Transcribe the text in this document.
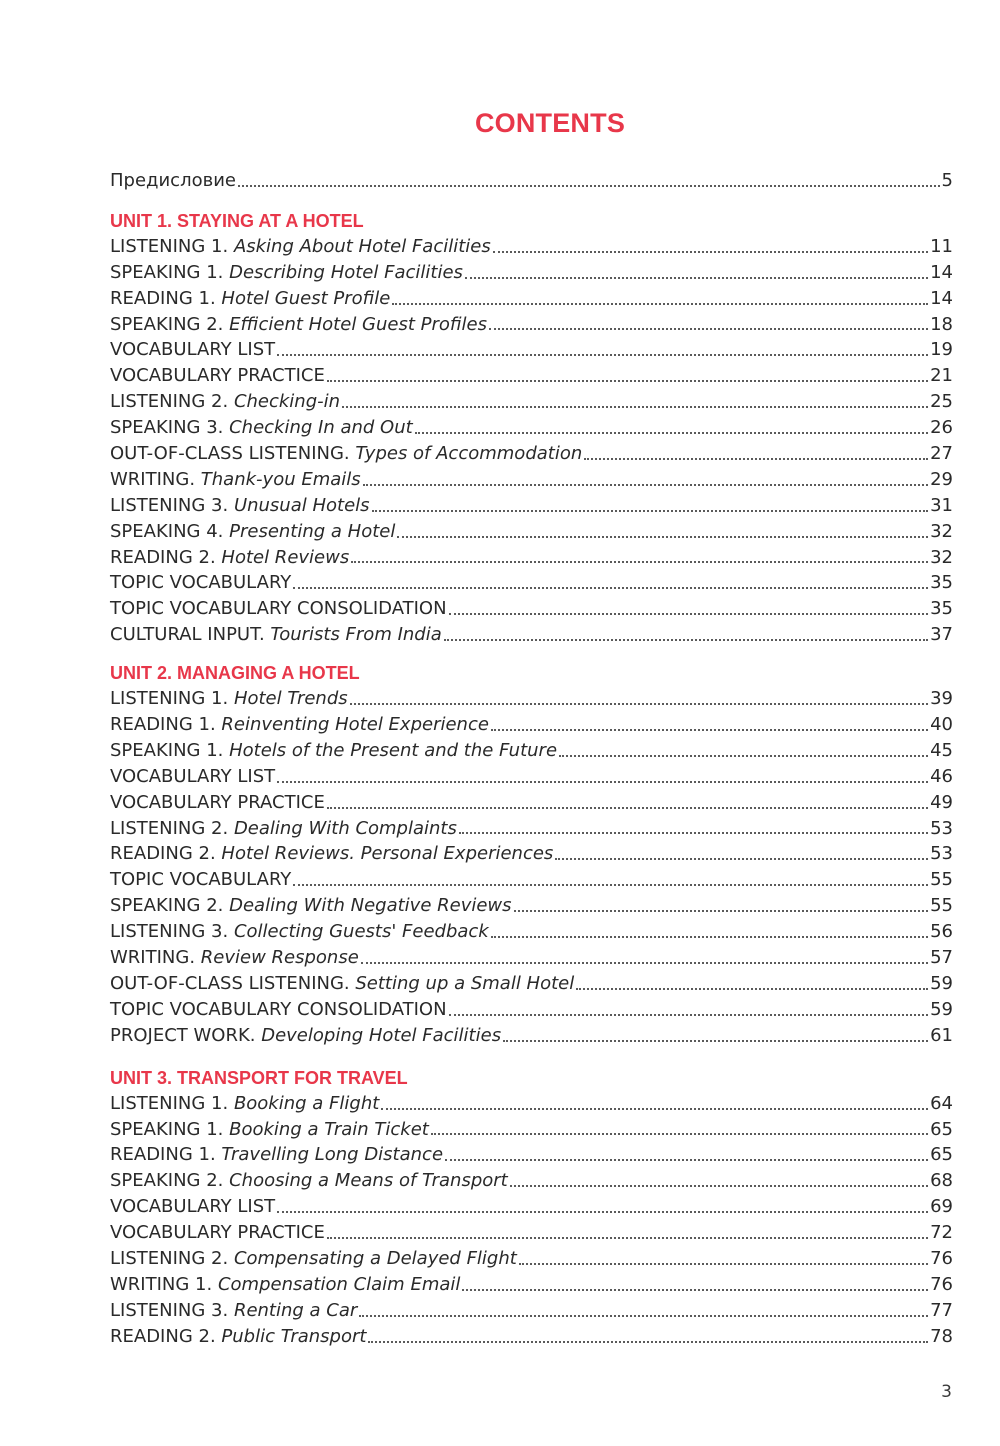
CONTENTS
Предисловие	5
UNIT 1. STAYING AT A HOTEL
LISTENING 1. Asking About Hotel Facilities	11
SPEAKING 1. Describing Hotel Facilities	14
READING 1. Hotel Guest Profile	14
SPEAKING 2. Efficient Hotel Guest Profiles	18
VOCABULARY LIST	19
VOCABULARY PRACTICE	21
LISTENING 2. Checking-in	25
SPEAKING 3. Checking In and Out	26
OUT-OF-CLASS LISTENING. Types of Accommodation	27
WRITING. Thank-you Emails	29
LISTENING 3. Unusual Hotels	31
SPEAKING 4. Presenting a Hotel	32
READING 2. Hotel Reviews	32
TOPIC VOCABULARY	35
TOPIC VOCABULARY CONSOLIDATION	35
CULTURAL INPUT. Tourists From India	37
UNIT 2. MANAGING A HOTEL
LISTENING 1. Hotel Trends	39
READING 1. Reinventing Hotel Experience	40
SPEAKING 1. Hotels of the Present and the Future	45
VOCABULARY LIST	46
VOCABULARY PRACTICE	49
LISTENING 2. Dealing With Complaints	53
READING 2. Hotel Reviews. Personal Experiences	53
TOPIC VOCABULARY	55
SPEAKING 2. Dealing With Negative Reviews	55
LISTENING 3. Collecting Guests' Feedback	56
WRITING. Review Response	57
OUT-OF-CLASS LISTENING. Setting up a Small Hotel	59
TOPIC VOCABULARY CONSOLIDATION	59
PROJECT WORK. Developing Hotel Facilities	61
UNIT 3. TRANSPORT FOR TRAVEL
LISTENING 1. Booking a Flight	64
SPEAKING 1. Booking a Train Ticket	65
READING 1. Travelling Long Distance	65
SPEAKING 2. Choosing a Means of Transport	68
VOCABULARY LIST	69
VOCABULARY PRACTICE	72
LISTENING 2. Compensating a Delayed Flight	76
WRITING 1. Compensation Claim Email	76
LISTENING 3. Renting a Car	77
READING 2. Public Transport	78
3
